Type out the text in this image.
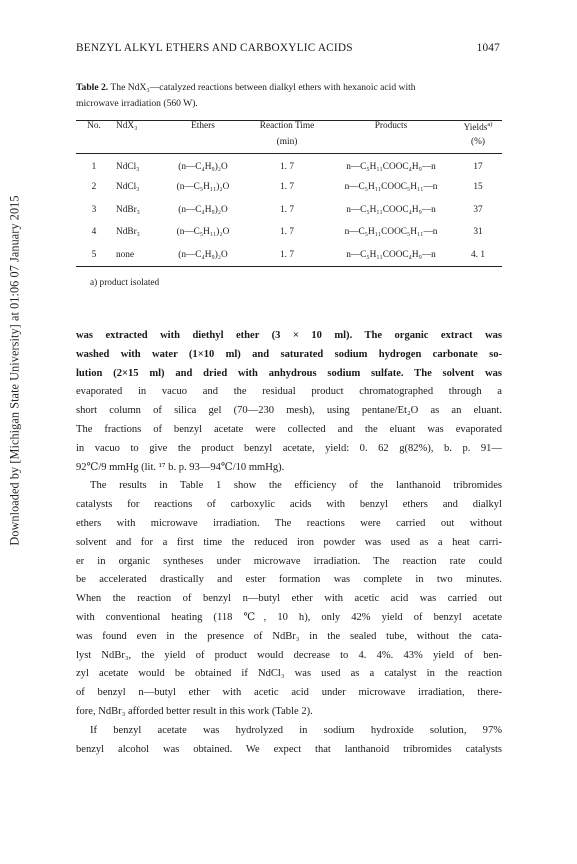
Downloaded by [Michigan State University] at 01:06 07 January 2015
BENZYL ALKYL ETHERS AND CARBOXYLIC ACIDS	1047
Table 2. The NdX₃—catalyzed reactions between dialkyl ethers with hexanoic acid with
microwave irradiation (560 W).
No.	NdX₃	Ethers	Reaction Time	Products	Yields$^{a)}$
			(min)		(%)
1	NdCl₃	(n—C₄H₉)₂O	1. 7	n—C₅H₁₁COOC₄H₉—n	17
2	NdCl₃	(n—C₅H₁₁)₂O	1. 7	n—C₅H₁₁COOC₅H₁₁—n	15
3	NdBr₃	(n—C₄H₉)₂O	1. 7	n—C₅H₁₁COOC₄H₉—n	37
4	NdBr₃	(n—C₅H₁₁)₂O	1. 7	n—C₅H₁₁COOC₅H₁₁—n	31
5	none	(n—C₄H₉)₂O	1. 7	n—C₅H₁₁COOC₄H₉—n	4. 1
a) product isolated
was extracted with diethyl ether (3 × 10 ml). The organic extract was
washed with water (1×10 ml) and saturated sodium hydrogen carbonate so-
lution (2×15 ml) and dried with anhydrous sodium sulfate. The solvent was
evaporated in vacuo and the residual product chromatographed through a
short column of silica gel (70—230 mesh), using pentane/Et₂O as an eluant.
The fractions of benzyl acetate were collected and the eluant was evaporated
in vacuo to give the product benzyl acetate, yield: 0. 62 g(82%), b. p. 91—
92℃/9 mmHg (lit. ¹⁷ b. p. 93—94℃/10 mmHg).
The results in Table 1 show the efficiency of the lanthanoid tribromides
catalysts for reactions of carboxylic acids with benzyl ethers and dialkyl
ethers with microwave irradiation. The reactions were carried out without
solvent and for a first time the reduced iron powder was used as a heat carri-
er in organic syntheses under microwave irradiation. The reaction rate could
be accelerated drastically and ester formation was complete in two minutes.
When the reaction of benzyl n—butyl ether with acetic acid was carried out
with conventional heating (118 ℃, 10 h), only 42% yield of benzyl acetate
was found even in the presence of NdBr₃ in the sealed tube, without the cata-
lyst NdBr₃, the yield of product would decrease to 4. 4%. 43% yield of ben-
zyl acetate would be obtained if NdCl₃ was used as a catalyst in the reaction
of benzyl n—butyl ether with acetic acid under microwave irradiation, there-
fore, NdBr₃ afforded better result in this work (Table 2).
If benzyl acetate was hydrolyzed in sodium hydroxide solution, 97%
benzyl alcohol was obtained. We expect that lanthanoid tribromides catalysts
